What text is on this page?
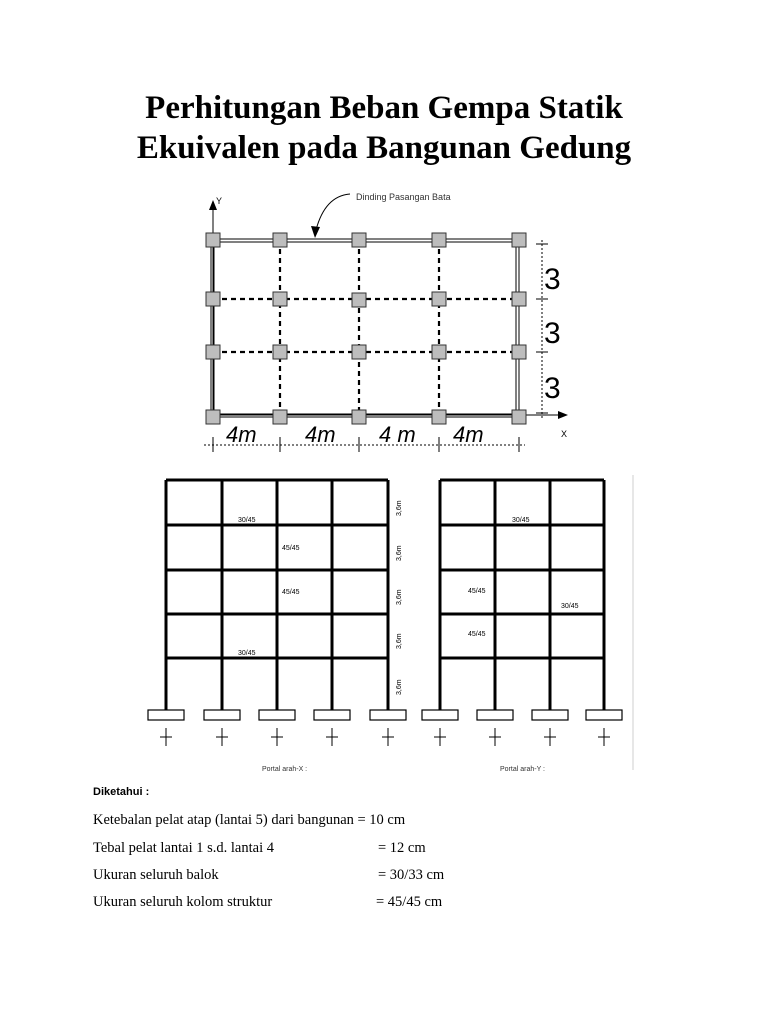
Perhitungan Beban Gempa Statik
Ekuivalen pada Bangunan Gedung
Y
X
Dinding Pasangan Bata
3
3
3
4m 4m 4 m 4m
30/45
45/45
45/45
30/45
3,6m
3,6m
3,6m
3,6m
3,6m
30/45
45/45
30/45
45/45
Portal arah-X :	Portal arah-Y :
Diketahui :
Ketebalan pelat atap (lantai 5) dari bangunan = 10 cm
Tebal pelat lantai 1 s.d. lantai 4	= 12 cm
Ukuran seluruh balok	= 30/33 cm
Ukuran seluruh kolom struktur	= 45/45 cm
